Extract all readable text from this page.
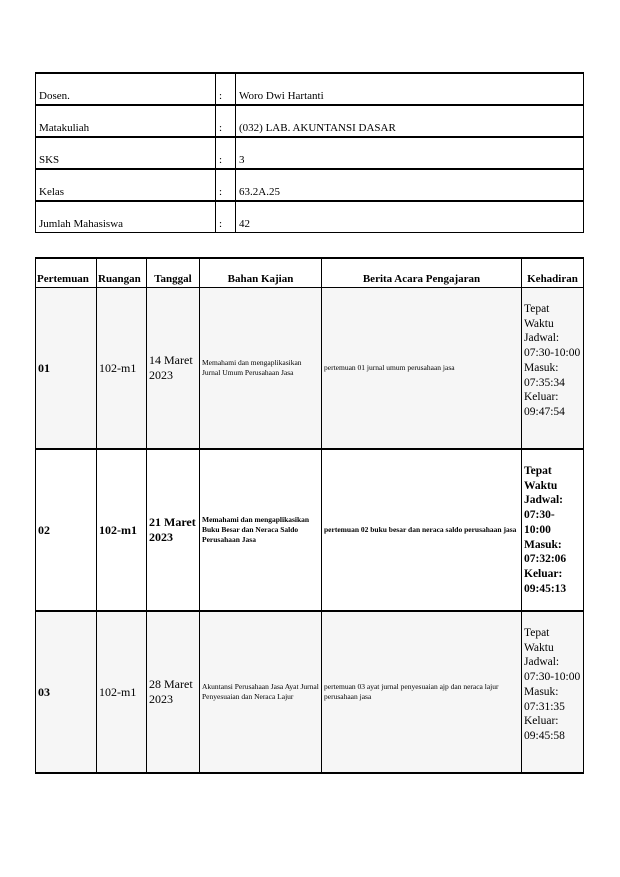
Dosen.	:	Woro Dwi Hartanti
Matakuliah	:	(032) LAB. AKUNTANSI DASAR
SKS	:	3
Kelas	:	63.2A.25
Jumlah Mahasiswa	:	42
Pertemuan	Ruangan	Tanggal	Bahan Kajian	Berita Acara Pengajaran	Kehadiran
01	102-m1	14 Maret 2023	Memahami dan mengaplikasikan Jurnal Umum Perusahaan Jasa	pertemuan 01 jurnal umum perusahaan jasa	Tepat Waktu Jadwal: 07:30-10:00 Masuk: 07:35:34 Keluar: 09:47:54
02	102-m1	21 Maret 2023	Memahami dan mengaplikasikan Buku Besar dan Neraca Saldo Perusahaan Jasa	pertemuan 02 buku besar dan neraca saldo perusahaan jasa	Tepat Waktu Jadwal: 07:30-10:00 Masuk: 07:32:06 Keluar: 09:45:13
03	102-m1	28 Maret 2023	Akuntansi Perusahaan Jasa Ayat Jurnal Penyesuaian dan Neraca Lajur	pertemuan 03 ayat jurnal penyesuaian ajp dan neraca lajur perusahaan jasa	Tepat Waktu Jadwal: 07:30-10:00 Masuk: 07:31:35 Keluar: 09:45:58
